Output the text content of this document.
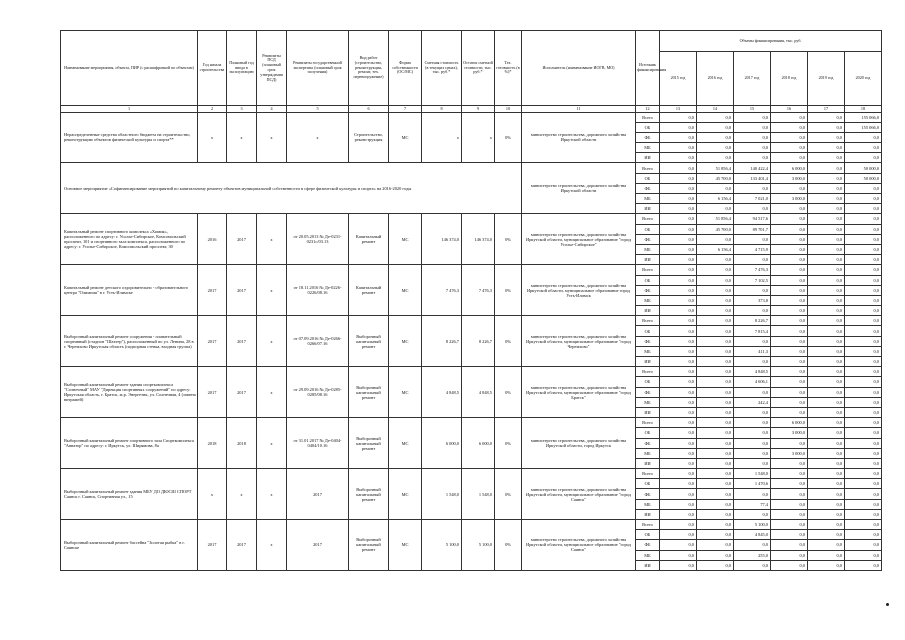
Наименование мероприятия, объекта, ПИР (с расшифровкой по объектам)	Год начала строительства	Плановый год ввода в эксплуатацию	Реквизиты ПСД (плановый срок утверждения ПСД)	Реквизиты государственной экспертизы (плановый срок получения)	Вид работ (строительство, реконструкция, ремонт, тех. перевооружение)	Форма собственности (ОС/МС)	Сметная стоимость (в текущих ценах), тыс. руб.*	Остаток сметной стоимости, тыс. руб.*	Тех. готовность (в %)*	Исполнитель (наименование ИОГВ, МО)	Источник финансирования	Объемы финансирования, тыс. руб.					
												2015 год	2016 год	2017 год	2018 год	2019 год	2020 год
1	2	3	4	5	6	7	8	9	10	11	12	13	14	15	16	17	18
Нераспределенные средства областного бюджета на строительство, реконструкцию объектов физической культуры и спорта**	х	х	х	х	Строительство, реконструкция	МС	х	х	0%	министерство строительства, дорожного хозяйства Иркутской области	Всего	0,0	0,0	0,0	0,0	0,0	155 066,0
											ОБ	0,0	0,0	0,0	0,0	0,0	155 066,0
											ФБ	0,0	0,0	0,0	0,0	0,0	0,0
											МБ	0,0	0,0	0,0	0,0	0,0	0,0
											ИИ	0,0	0,0	0,0	0,0	0,0	0,0
Основное мероприятие «Софинансирование мероприятий по капитальному ремонту объектов муниципальной собственности в сфере физической культуры и спорта» на 2016-2020 годы										министерство строительства, дорожного хозяйства Иркутской области	Всего	0,0	51 856,4	140 422,4	6 000,0	0,0	50 000,0
											ОБ	0,0	45 700,0	133 401,4	3 000,0	0,0	50 000,0
											ФБ	0,0	0,0	0,0	0,0	0,0	0,0
											МБ	0,0	6 156,4	7 021,0	3 000,0	0,0	0,0
											ИИ	0,0	0,0	0,0	0,0	0,0	0,0
Капитальный ремонт спортивного комплекса «Химик», расположенного по адресу: г. Усолье-Сибирское, Комсомольский проспект, 101 и спортивного зала комплекса, расположенного по адресу: г. Усолье-Сибирское, Комсомольский проспект, 30	2016	2017	х	от 20.05.2013 № Де-0231-0231с/03.13	Капитальный ремонт	МС	146 374,0	146 374,0	0%	министерство строительства, дорожного хозяйства Иркутской области, муниципальное образование "город Усолье-Сибирское"	Всего	0,0	51 856,4	94 517,6	0,0	0,0	0,0
											ОБ	0,0	45 700,0	89 701,7	0,0	0,0	0,0
											ФБ	0,0	0,0	0,0	0,0	0,0	0,0
											МБ	0,0	6 156,4	4 715,9	0,0	0,0	0,0
											ИИ	0,0	0,0	0,0	0,0	0,0	0,0
Капитальный ремонт детского оздоровительно - образовательного центра "Олимпия" в г. Усть-Илимске	2017	2017	х	от 18.11.2016 № Де-0226-0226/08.16	Капитальный ремонт	МС	7 476,3	7 476,3	0%	министерство строительства, дорожного хозяйства Иркутской области, муниципальное образование город Усть-Илимск	Всего	0,0	0,0	7 476,3	0,0	0,0	0,0
											ОБ	0,0	0,0	7 102,5	0,0	0,0	0,0
											ФБ	0,0	0,0	0,0	0,0	0,0	0,0
											МБ	0,0	0,0	373,8	0,0	0,0	0,0
											ИИ	0,0	0,0	0,0	0,0	0,0	0,0
Выборочный капитальный ремонт сооружения - плавательный спортивный (стадион "Шахтер"), расположенный по ул. Ленина, 28 в г. Черемхово Иркутская область (подпорная стенка, входная группа)	2017	2017	х	от 07.09.2016 № Де-0266-0266/07.16	Выборочный капитальный ремонт	МС	8 226,7	8 226,7	0%	министерство строительства, дорожного хозяйства Иркутской области, муниципальное образование "город Черемхово"	Всего	0,0	0,0	8 226,7	0,0	0,0	0,0
											ОБ	0,0	0,0	7 815,4	0,0	0,0	0,0
											ФБ	0,0	0,0	0,0	0,0	0,0	0,0
											МБ	0,0	0,0	411,3	0,0	0,0	0,0
											ИИ	0,0	0,0	0,0	0,0	0,0	0,0
Выборочный капитальный ремонт здания спорткомплекса "Солнечный" МАУ "Дирекция спортивных сооружений" по адресу: Иркутская область, г. Братск, ж.р. Энергетик, ул. Солнечная, 4 (замена витражей)	2017	2017	х	от 29.09.2016 № Де-0285-0285/08.16	Выборочный капитальный ремонт	МС	4 848,5	4 848,5	0%	министерство строительства, дорожного хозяйства Иркутской области, муниципальное образование "город Братск"	Всего	0,0	0,0	4 848,5	0,0	0,0	0,0
											ОБ	0,0	0,0	4 606,1	0,0	0,0	0,0
											ФБ	0,0	0,0	0,0	0,0	0,0	0,0
											МБ	0,0	0,0	242,4	0,0	0,0	0,0
											ИИ	0,0	0,0	0,0	0,0	0,0	0,0
Выборочный капитальный ремонт спортивного зала Спорткомплекса "Авиатор" по адресу: г. Иркутск, ул. Ширямова, 8а	2018	2018	х	от 31.01.2017 № Де-0404-0404/10.16	Выборочный капитальный ремонт	МС	6 000,0	6 000,0	0%	министерство строительства, дорожного хозяйства Иркутской области, город Иркутск	Всего	0,0	0,0	0,0	6 000,0	0,0	0,0
											ОБ	0,0	0,0	0,0	3 000,0	0,0	0,0
											ФБ	0,0	0,0	0,0	0,0	0,0	0,0
											МБ	0,0	0,0	0,0	3 000,0	0,0	0,0
											ИИ	0,0	0,0	0,0	0,0	0,0	0,0
Выборочный капитальный ремонт здания МБУ ДО ДЮСШ СПОРТ Саянск г. Саянск, Спортивная ул., 15	х	х	х	2017	Выборочный капитальный ремонт	МС	1 548,0	1 548,0	0%	министерство строительства, дорожного хозяйства Иркутской области, муниципальное образование "город Саянск"	Всего	0,0	0,0	1 548,0	0,0	0,0	0,0
											ОБ	0,0	0,0	1 470,6	0,0	0,0	0,0
											ФБ	0,0	0,0	0,0	0,0	0,0	0,0
											МБ	0,0	0,0	77,4	0,0	0,0	0,0
											ИИ	0,0	0,0	0,0	0,0	0,0	0,0
Выборочный капитальный ремонт бассейна "Золотая рыбка" в г. Саянске	2017	2017	х	2017	Выборочный капитальный ремонт	МС	5 100,0	5 100,0	0%	министерство строительства, дорожного хозяйства Иркутской области, муниципальное образование "город Саянск"	Всего	0,0	0,0	5 100,0	0,0	0,0	0,0
											ОБ	0,0	0,0	4 845,0	0,0	0,0	0,0
											ФБ	0,0	0,0	0,0	0,0	0,0	0,0
											МБ	0,0	0,0	255,0	0,0	0,0	0,0
											ИИ	0,0	0,0	0,0	0,0	0,0	0,0
